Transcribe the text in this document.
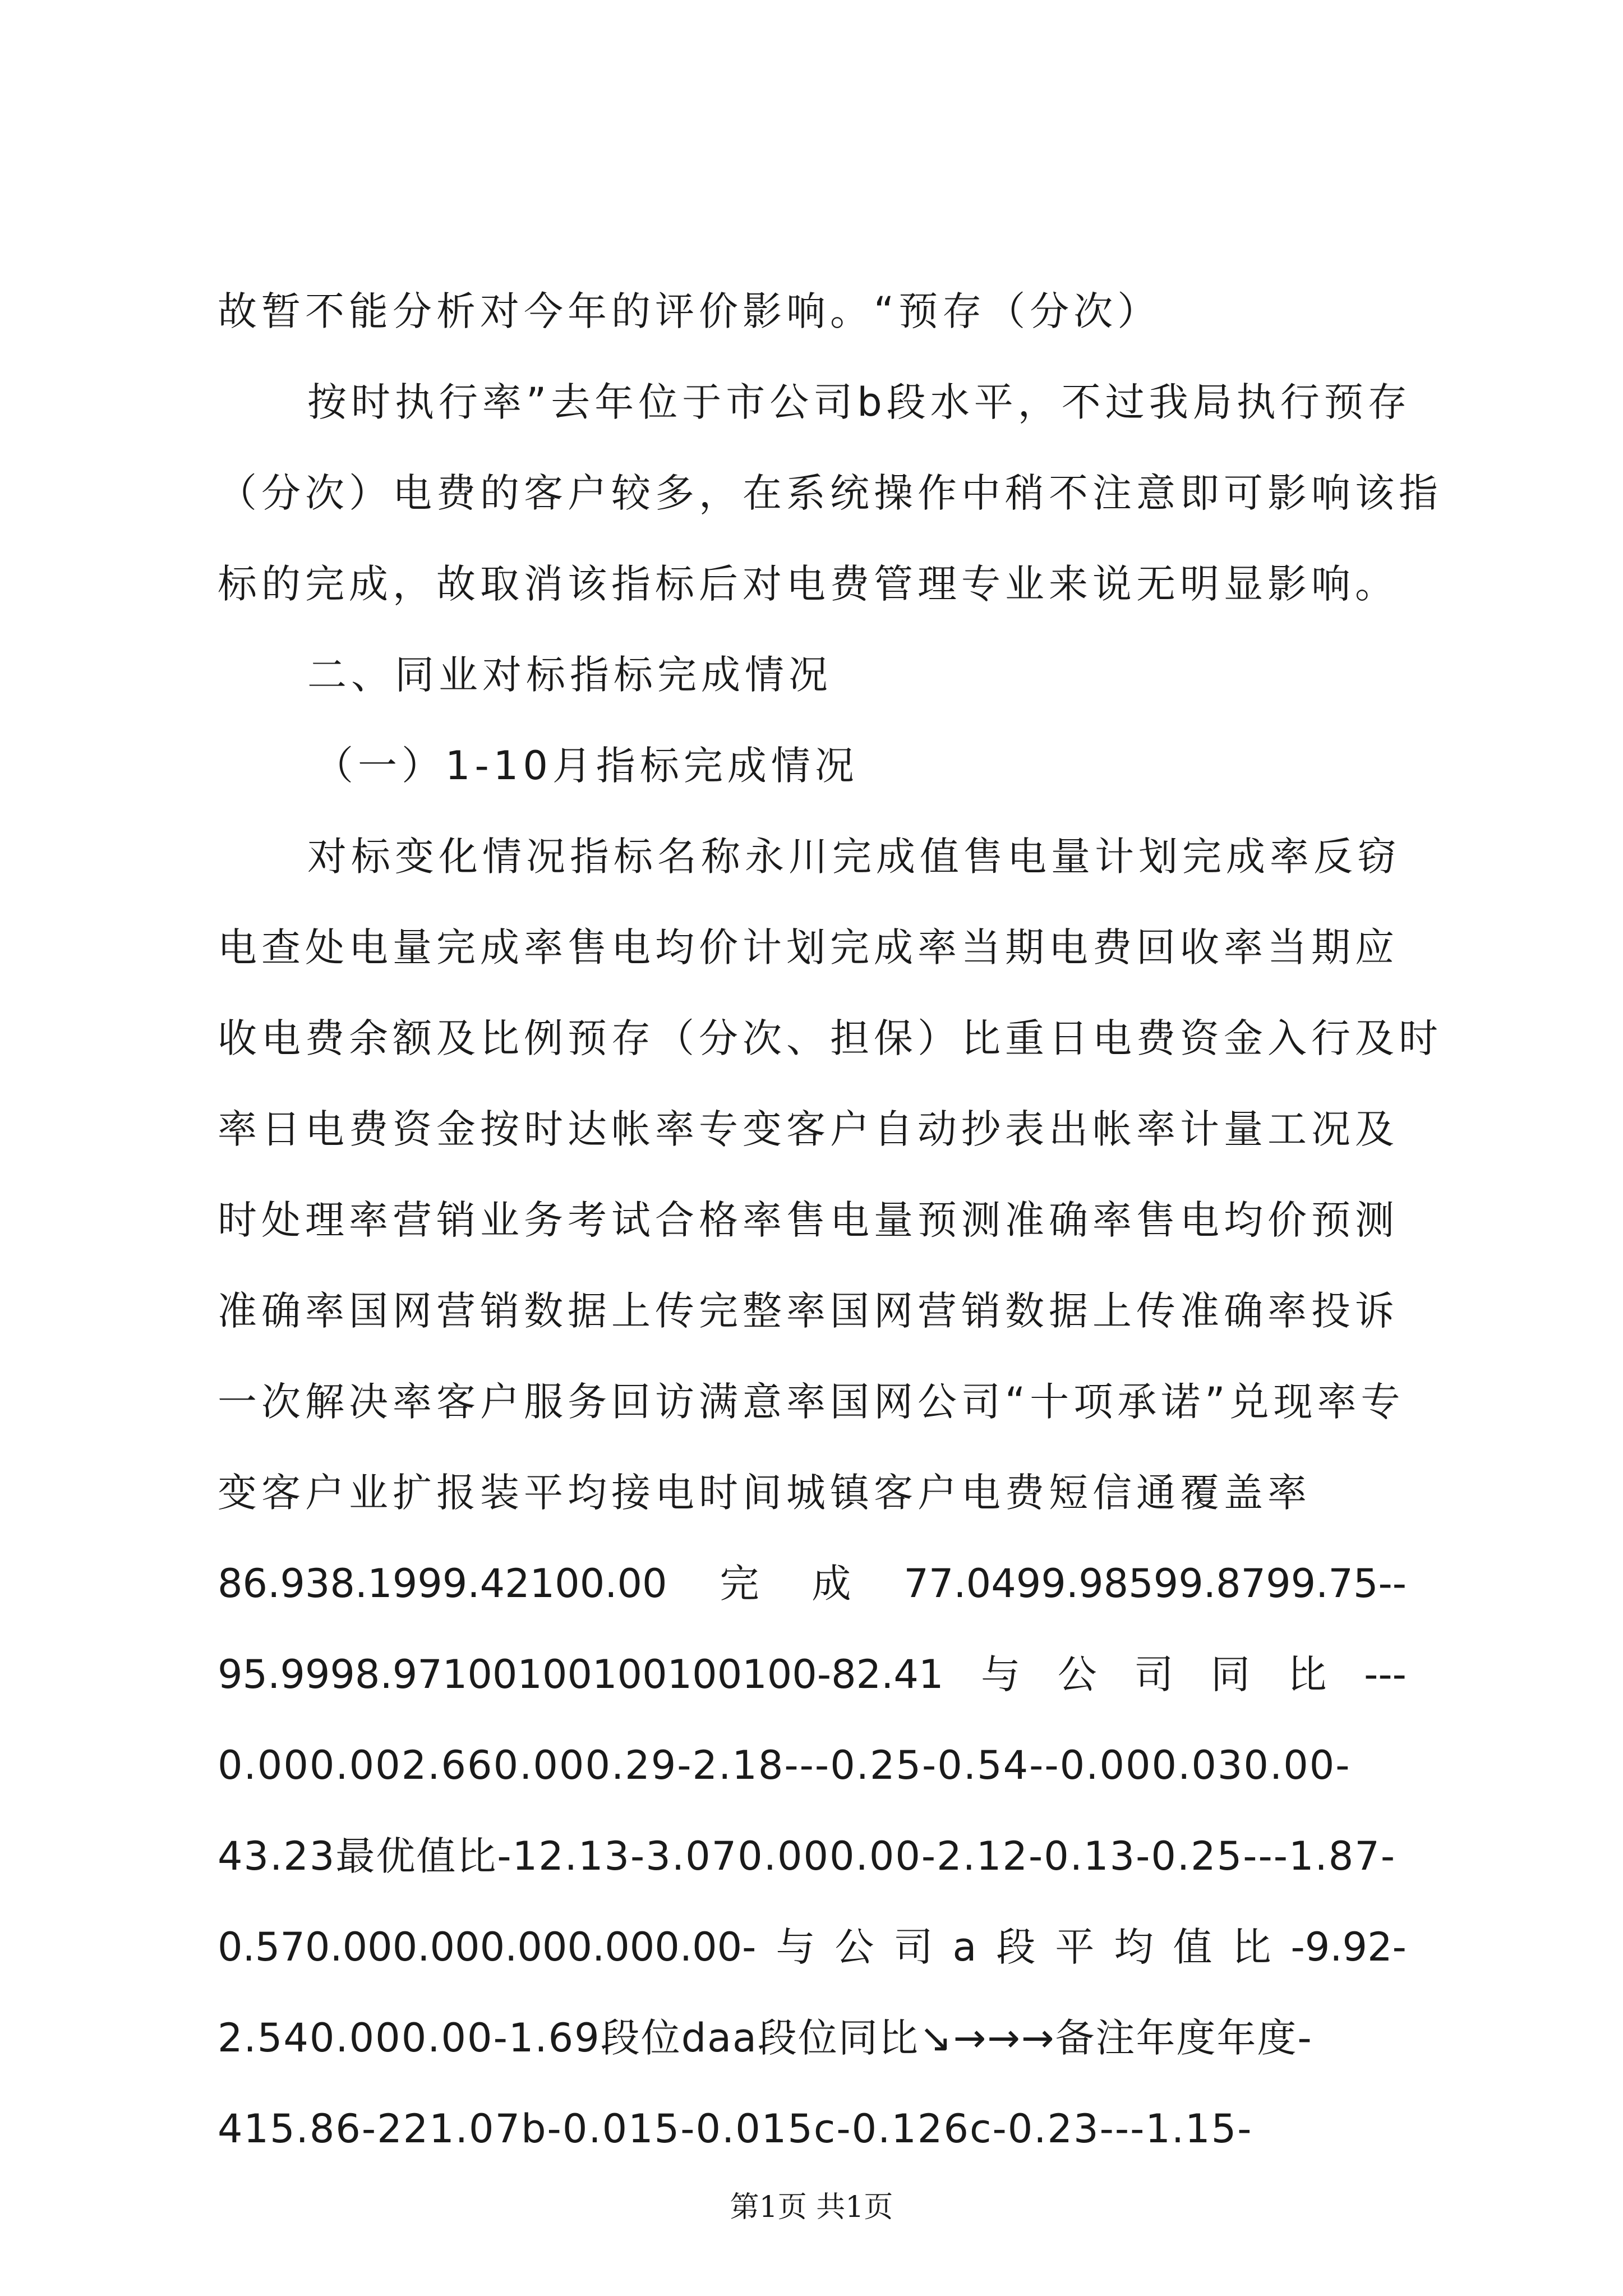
故暂不能分析对今年的评价影响。“预存（分次）
按时执行率”去年位于市公司b段水平，不过我局执行预存
（分次）电费的客户较多，在系统操作中稍不注意即可影响该指
标的完成，故取消该指标后对电费管理专业来说无明显影响。
二、同业对标指标完成情况
（一）1-10月指标完成情况
对标变化情况指标名称永川完成值售电量计划完成率反窃
电查处电量完成率售电均价计划完成率当期电费回收率当期应
收电费余额及比例预存（分次、担保）比重日电费资金入行及时
率日电费资金按时达帐率专变客户自动抄表出帐率计量工况及
时处理率营销业务考试合格率售电量预测准确率售电均价预测
准确率国网营销数据上传完整率国网营销数据上传准确率投诉
一次解决率客户服务回访满意率国网公司“十项承诺”兑现率专
变客户业扩报装平均接电时间城镇客户电费短信通覆盖率
86.938.1999.42100.00 完 成 77.0499.98599.8799.75--
95.9998.97100100100100100-82.41 与 公 司 同 比 ---
0.000.002.660.000.29-2.18---0.25-0.54--0.000.030.00-
43.23最优值比-12.13-3.070.000.00-2.12-0.13-0.25---1.87-
0.570.000.000.000.000.00- 与 公 司 a 段 平 均 值 比 -9.92-
2.540.000.00-1.69段位daa段位同比↘→→→备注年度年度-
415.86-221.07b-0.015-0.015c-0.126c-0.23---1.15-
第1页 共1页
